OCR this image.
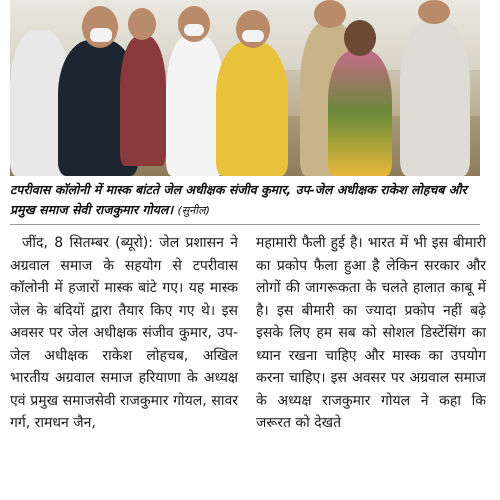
टपरीवास कॉलोनी में मास्क बांटते जेल अधीक्षक संजीव कुमार, उप-जेल अधीक्षक राकेश लोहचब और प्रमुख समाज सेवी राजकुमार गोयल। (सुनील)

जींद, 8 सितम्बर (ब्यूरो): जेल प्रशासन ने अग्रवाल समाज के सहयोग से टपरीवास कॉलोनी में हजारों मास्क बांटे गए। यह मास्क जेल के बंदियों द्वारा तैयार किए गए थे। इस अवसर पर जेल अधीक्षक संजीव कुमार, उप-जेल अधीक्षक राकेश लोहचब, अखिल भारतीय अग्रवाल समाज हरियाणा के अध्यक्ष एवं प्रमुख समाजसेवी राजकुमार गोयल, सावर गर्ग, रामधन जैन,

महामारी फैली हुई है। भारत में भी इस बीमारी का प्रकोप फैला हुआ है लेकिन सरकार और लोगों की जागरूकता के चलते हालात काबू में है। इस बीमारी का ज्यादा प्रकोप नहीं बढ़े इसके लिए हम सब को सोशल डिस्टेंसिंग का ध्यान रखना चाहिए और मास्क का उपयोग करना चाहिए। इस अवसर पर अग्रवाल समाज के अध्यक्ष राजकुमार गोयल ने कहा कि जरूरत को देखते
